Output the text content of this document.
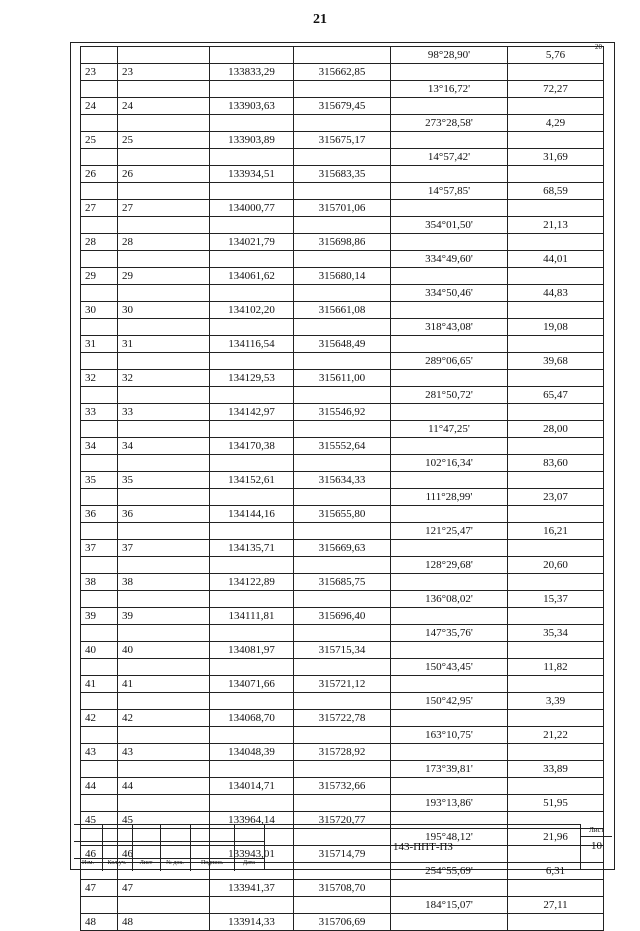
21
20
				98°28,90'	5,76
23	23	133833,29	315662,85		
				13°16,72'	72,27
24	24	133903,63	315679,45		
				273°28,58'	4,29
25	25	133903,89	315675,17		
				14°57,42'	31,69
26	26	133934,51	315683,35		
				14°57,85'	68,59
27	27	134000,77	315701,06		
				354°01,50'	21,13
28	28	134021,79	315698,86		
				334°49,60'	44,01
29	29	134061,62	315680,14		
				334°50,46'	44,83
30	30	134102,20	315661,08		
				318°43,08'	19,08
31	31	134116,54	315648,49		
				289°06,65'	39,68
32	32	134129,53	315611,00		
				281°50,72'	65,47
33	33	134142,97	315546,92		
				11°47,25'	28,00
34	34	134170,38	315552,64		
				102°16,34'	83,60
35	35	134152,61	315634,33		
				111°28,99'	23,07
36	36	134144,16	315655,80		
				121°25,47'	16,21
37	37	134135,71	315669,63		
				128°29,68'	20,60
38	38	134122,89	315685,75		
				136°08,02'	15,37
39	39	134111,81	315696,40		
				147°35,76'	35,34
40	40	134081,97	315715,34		
				150°43,45'	11,82
41	41	134071,66	315721,12		
				150°42,95'	3,39
42	42	134068,70	315722,78		
				163°10,75'	21,22
43	43	134048,39	315728,92		
				173°39,81'	33,89
44	44	134014,71	315732,66		
				193°13,86'	51,95
45	45	133964,14	315720,77		
				195°48,12'	21,96
46	46	133943,01	315714,79		
				254°55,69'	6,31
47	47	133941,37	315708,70		
				184°15,07'	27,11
48	48	133914,33	315706,69		
Изм.	Кол.уч.	Лист	№ док.	Подпись	Дата
143-ППТ-ПЗ
Лист
10
